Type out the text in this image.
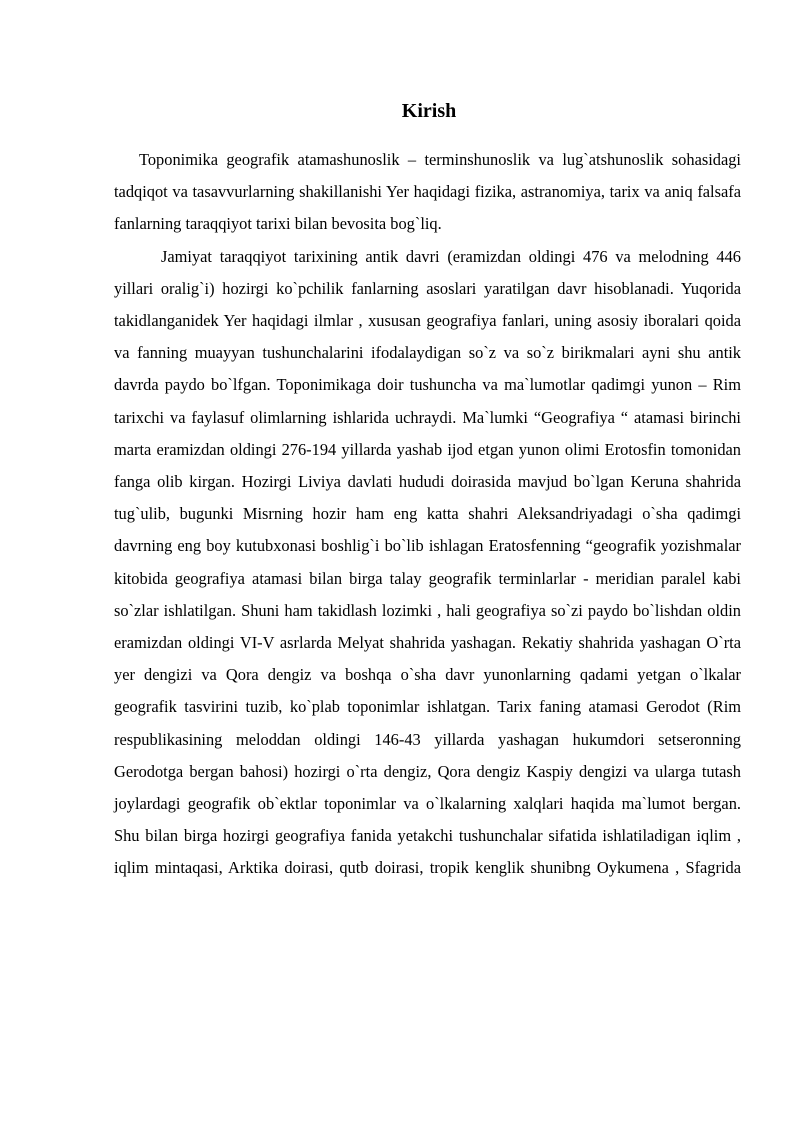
Kirish

Toponimika geografik atamashunoslik – terminshunoslik va lug`atshunoslik sohasidagi tadqiqot va tasavvurlarning shakillanishi Yer haqidagi fizika, astranomiya, tarix va aniq falsafa fanlarning taraqqiyot tarixi bilan bevosita bog`liq.

Jamiyat taraqqiyot tarixining antik davri (eramizdan oldingi 476 va melodning 446 yillari oralig`i) hozirgi ko`pchilik fanlarning asoslari yaratilgan davr hisoblanadi. Yuqorida takidlanganidek Yer haqidagi ilmlar , xususan geografiya fanlari, uning asosiy iboralari qoida va fanning muayyan tushunchalarini ifodalaydigan so`z va so`z birikmalari ayni shu antik davrda paydo bo`lfgan. Toponimikaga doir tushuncha va ma`lumotlar qadimgi yunon – Rim tarixchi va faylasuf olimlarning ishlarida uchraydi. Ma`lumki “Geografiya “ atamasi birinchi marta eramizdan oldingi 276-194 yillarda yashab ijod etgan yunon olimi Erotosfin tomonidan fanga olib kirgan. Hozirgi Liviya davlati hududi doirasida mavjud bo`lgan Keruna shahrida tug`ulib, bugunki Misrning hozir ham eng katta shahri Aleksandriyadagi o`sha qadimgi davrning eng boy kutubxonasi boshlig`i bo`lib ishlagan Eratosfenning “geografik yozishmalar kitobida geografiya atamasi bilan birga talay geografik terminlarlar - meridian paralel kabi so`zlar ishlatilgan. Shuni ham takidlash lozimki , hali geografiya so`zi paydo bo`lishdan oldin eramizdan oldingi VI-V asrlarda Melyat shahrida yashagan. Rekatiy shahrida yashagan O`rta yer dengizi va Qora dengiz va boshqa o`sha davr yunonlarning qadami yetgan o`lkalar geografik tasvirini tuzib, ko`plab toponimlar ishlatgan. Tarix faning atamasi Gerodot (Rim respublikasining meloddan oldingi 146-43 yillarda yashagan hukumdori setseronning Gerodotga bergan bahosi) hozirgi o`rta dengiz, Qora dengiz Kaspiy dengizi va ularga tutash joylardagi geografik ob`ektlar toponimlar va o`lkalarning xalqlari haqida ma`lumot bergan. Shu bilan birga hozirgi geografiya fanida yetakchi tushunchalar sifatida ishlatiladigan iqlim , iqlim mintaqasi, Arktika doirasi, qutb doirasi, tropik kenglik shunibng Oykumena , Sfagrida
